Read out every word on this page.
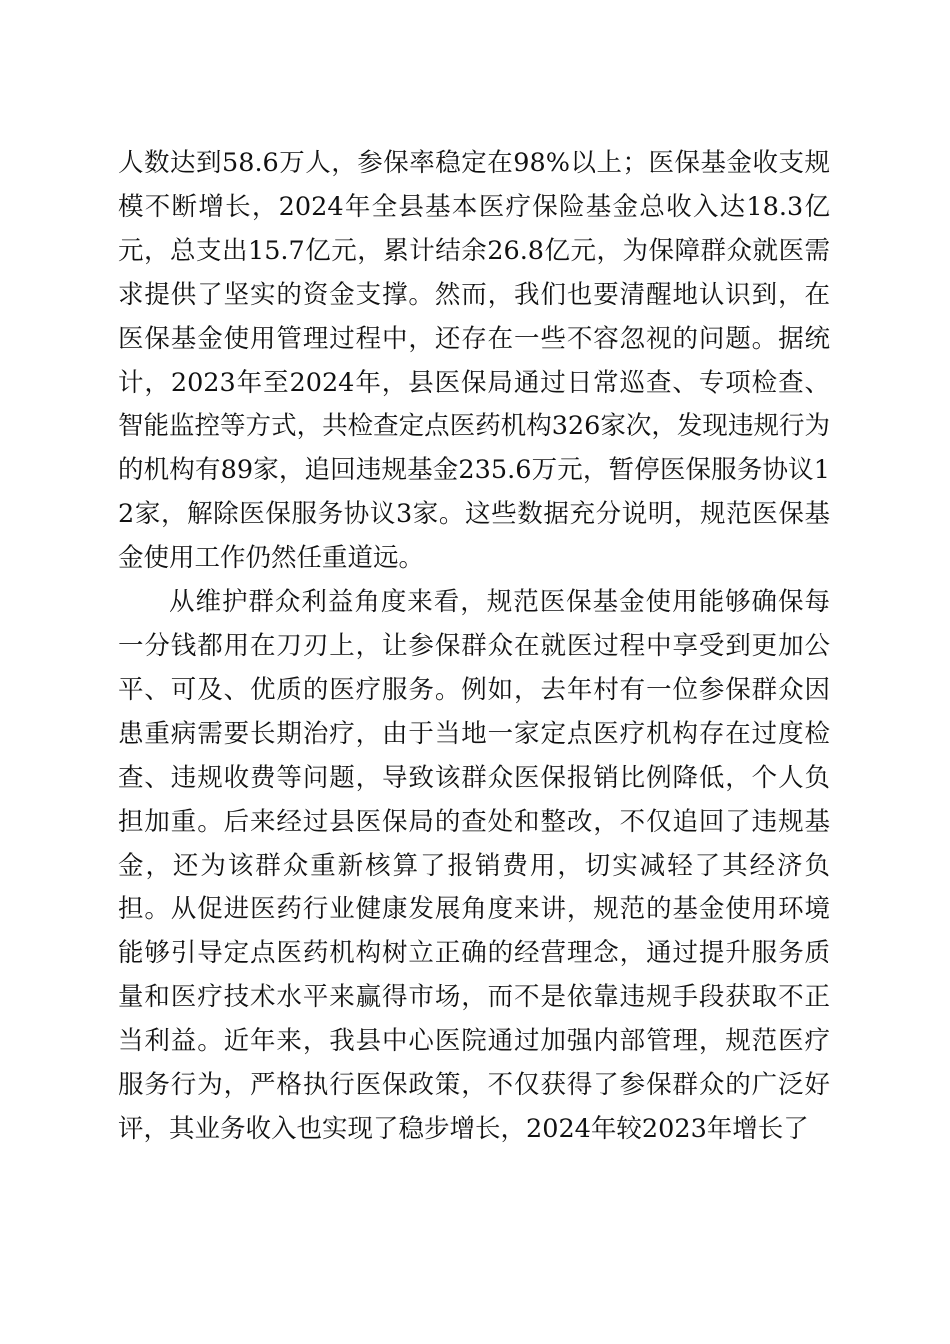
人数达到58.6万人，参保率稳定在98%以上；医保基金收支规模不断增长，2024年全县基本医疗保险基金总收入达18.3亿元，总支出15.7亿元，累计结余26.8亿元，为保障群众就医需求提供了坚实的资金支撑。然而，我们也要清醒地认识到，在医保基金使用管理过程中，还存在一些不容忽视的问题。据统计，2023年至2024年，县医保局通过日常巡查、专项检查、智能监控等方式，共检查定点医药机构326家次，发现违规行为的机构有89家，追回违规基金235.6万元，暂停医保服务协议12家，解除医保服务协议3家。这些数据充分说明，规范医保基金使用工作仍然任重道远。

从维护群众利益角度来看，规范医保基金使用能够确保每一分钱都用在刀刃上，让参保群众在就医过程中享受到更加公平、可及、优质的医疗服务。例如，去年村有一位参保群众因患重病需要长期治疗，由于当地一家定点医疗机构存在过度检查、违规收费等问题，导致该群众医保报销比例降低，个人负担加重。后来经过县医保局的查处和整改，不仅追回了违规基金，还为该群众重新核算了报销费用，切实减轻了其经济负担。从促进医药行业健康发展角度来讲，规范的基金使用环境能够引导定点医药机构树立正确的经营理念，通过提升服务质量和医疗技术水平来赢得市场，而不是依靠违规手段获取不正当利益。近年来，我县中心医院通过加强内部管理，规范医疗服务行为，严格执行医保政策，不仅获得了参保群众的广泛好评，其业务收入也实现了稳步增长，2024年较2023年增长了
